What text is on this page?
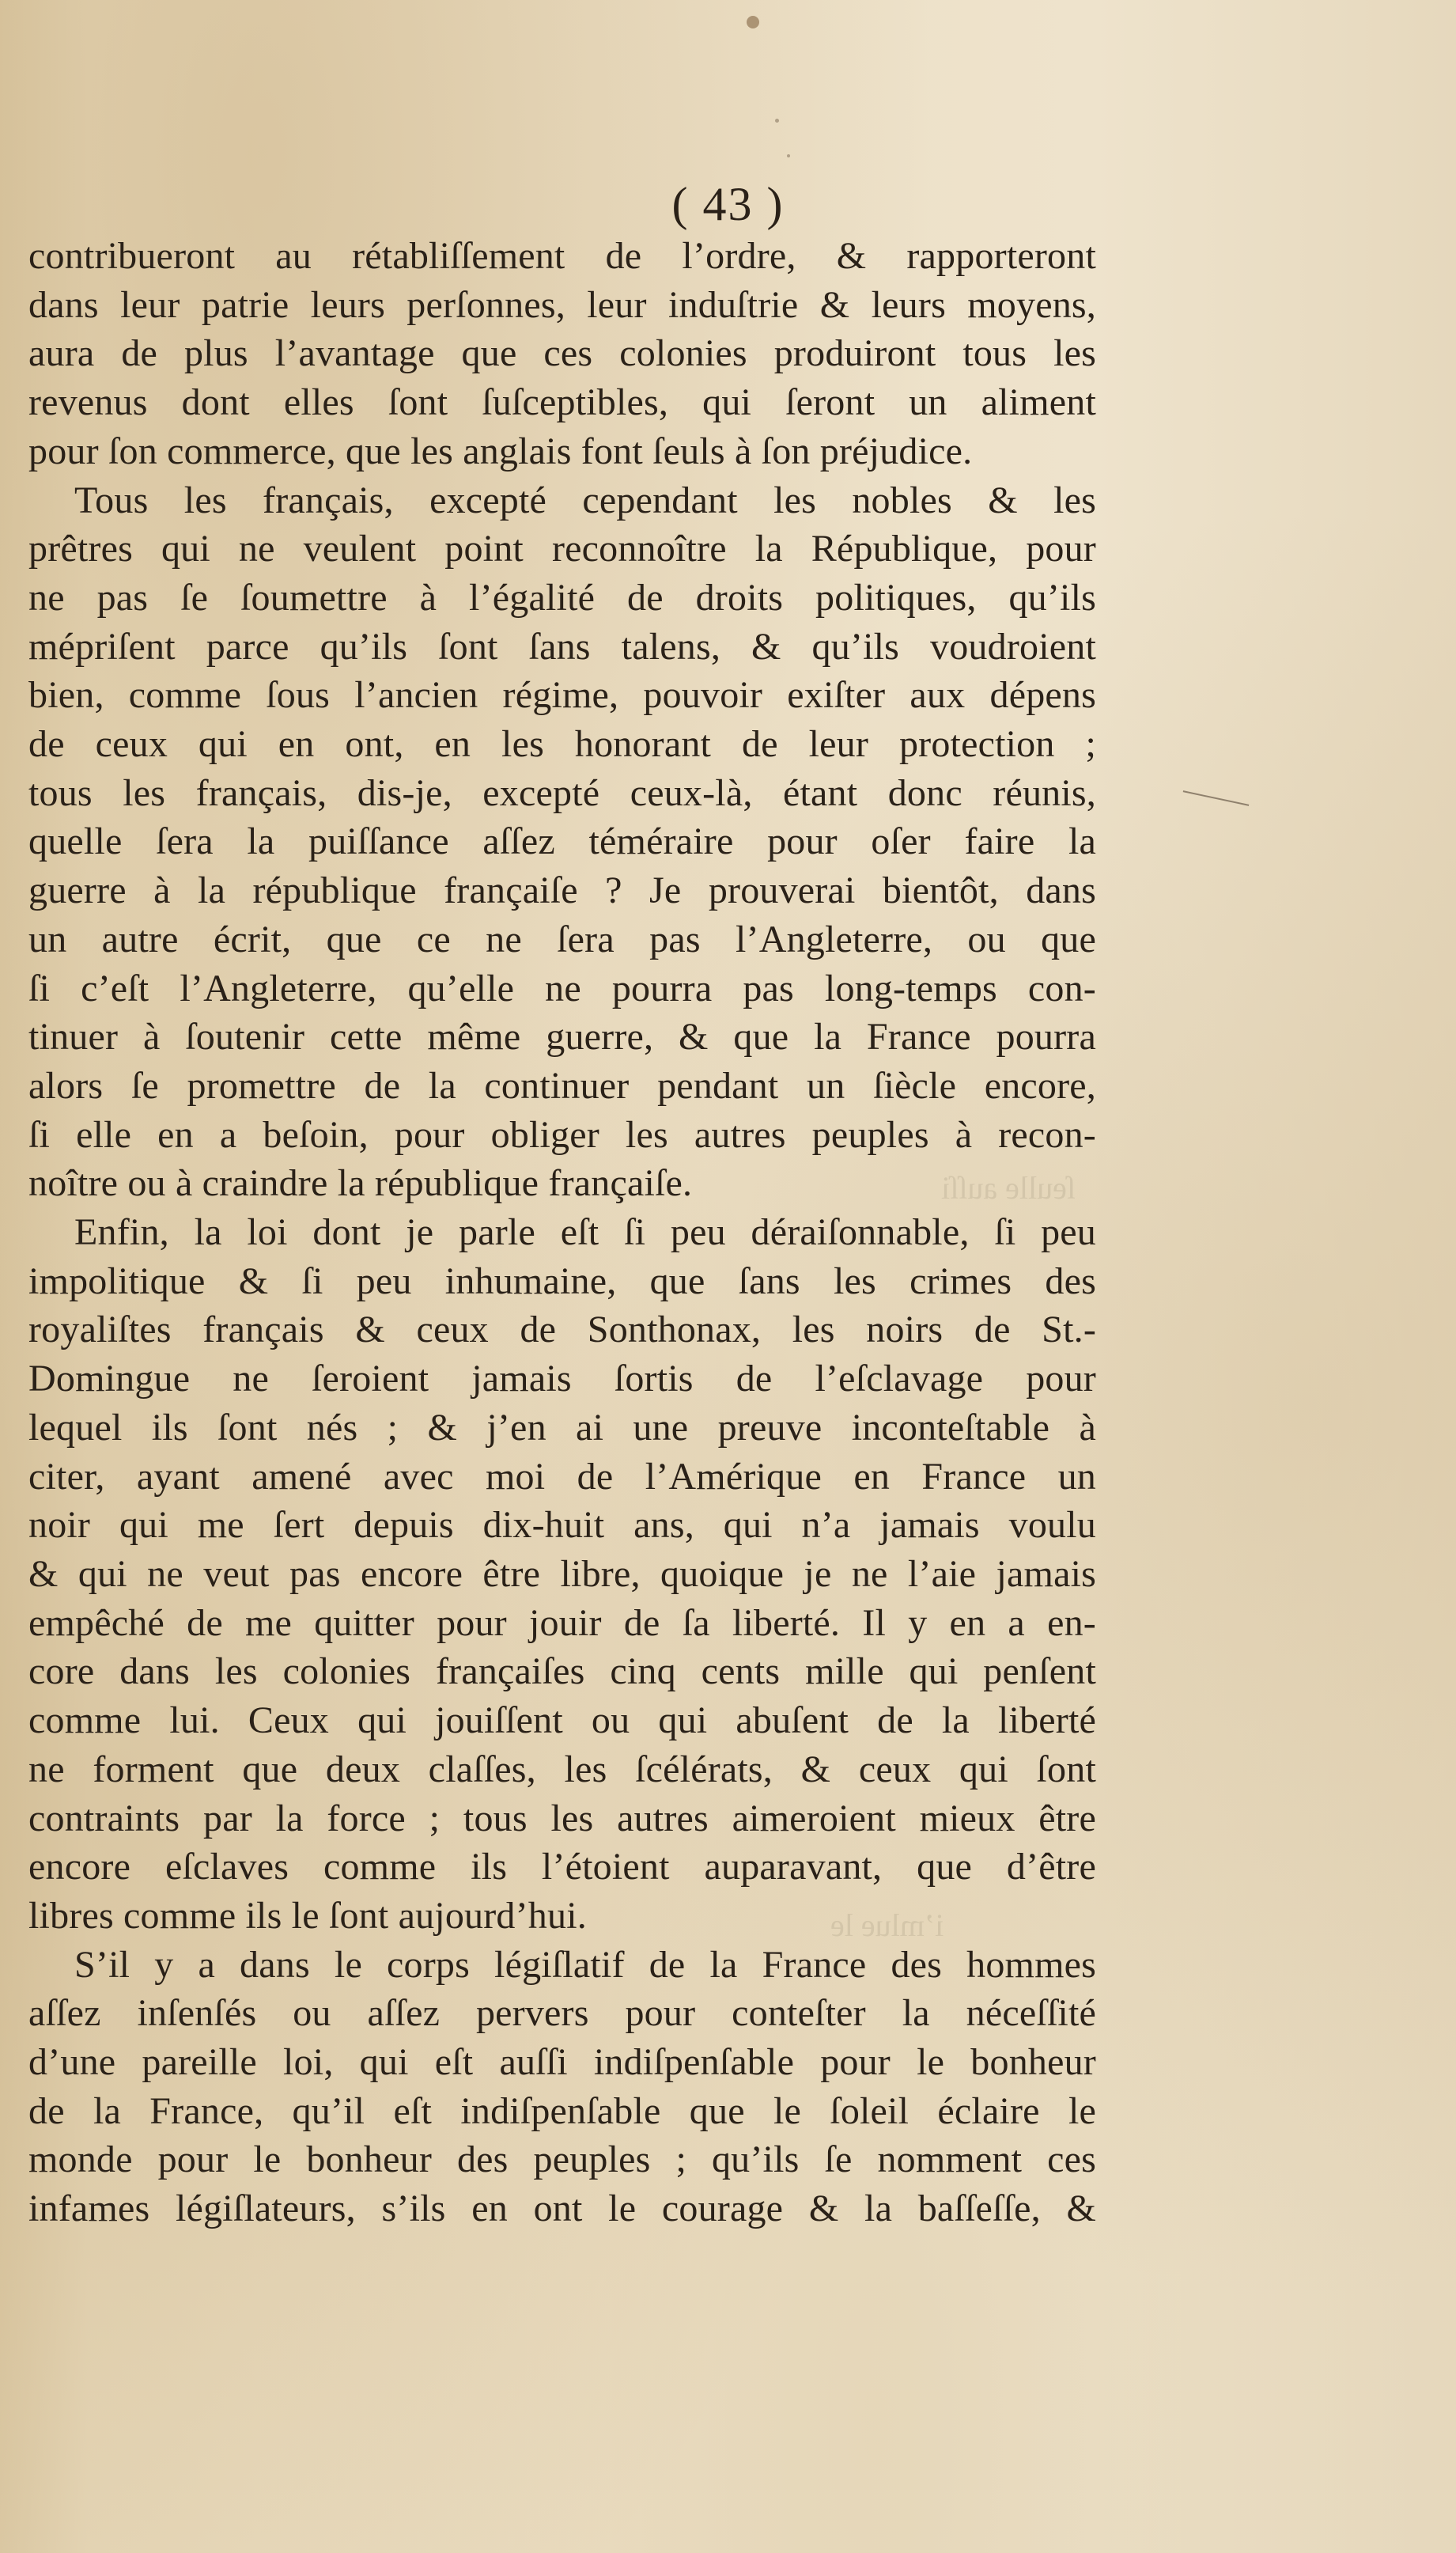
ſeulle auſſi
i’mlue le
( 43 )

contribueront au rétabliſſement de l’ordre, & rapporteront
dans leur patrie leurs perſonnes, leur induſtrie & leurs moyens,
aura de plus l’avantage que ces colonies produiront tous les
revenus dont elles ſont ſuſceptibles, qui ſeront un aliment
pour ſon commerce, que les anglais font ſeuls à ſon préjudice.

Tous les français, excepté cependant les nobles & les
prêtres qui ne veulent point reconnoître la République, pour
ne pas ſe ſoumettre à l’égalité de droits politiques, qu’ils
mépriſent parce qu’ils ſont ſans talens, & qu’ils voudroient
bien, comme ſous l’ancien régime, pouvoir exiſter aux dépens
de ceux qui en ont, en les honorant de leur protection ;
tous les français, dis-je, excepté ceux-là, étant donc réunis,
quelle ſera la puiſſance aſſez téméraire pour oſer faire la
guerre à la république françaiſe ? Je prouverai bientôt, dans
un autre écrit, que ce ne ſera pas l’Angleterre, ou que
ſi c’eſt l’Angleterre, qu’elle ne pourra pas long-temps con-
tinuer à ſoutenir cette même guerre, & que la France pourra
alors ſe promettre de la continuer pendant un ſiècle encore,
ſi elle en a beſoin, pour obliger les autres peuples à recon-
noître ou à craindre la république françaiſe.

Enfin, la loi dont je parle eſt ſi peu déraiſonnable, ſi peu
impolitique & ſi peu inhumaine, que ſans les crimes des
royaliſtes français & ceux de Sonthonax, les noirs de St.-
Domingue ne ſeroient jamais ſortis de l’eſclavage pour
lequel ils ſont nés ; & j’en ai une preuve inconteſtable à
citer, ayant amené avec moi de l’Amérique en France un
noir qui me ſert depuis dix-huit ans, qui n’a jamais voulu
& qui ne veut pas encore être libre, quoique je ne l’aie jamais
empêché de me quitter pour jouir de ſa liberté. Il y en a en-
core dans les colonies françaiſes cinq cents mille qui penſent
comme lui. Ceux qui jouiſſent ou qui abuſent de la liberté
ne forment que deux claſſes, les ſcélérats, & ceux qui ſont
contraints par la force ; tous les autres aimeroient mieux être
encore eſclaves comme ils l’étoient auparavant, que d’être
libres comme ils le ſont aujourd’hui.

S’il y a dans le corps légiſlatif de la France des hommes
aſſez inſenſés ou aſſez pervers pour conteſter la néceſſité
d’une pareille loi, qui eſt auſſi indiſpenſable pour le bonheur
de la France, qu’il eſt indiſpenſable que le ſoleil éclaire le
monde pour le bonheur des peuples ; qu’ils ſe nomment ces
infames légiſlateurs, s’ils en ont le courage & la baſſeſſe, &
